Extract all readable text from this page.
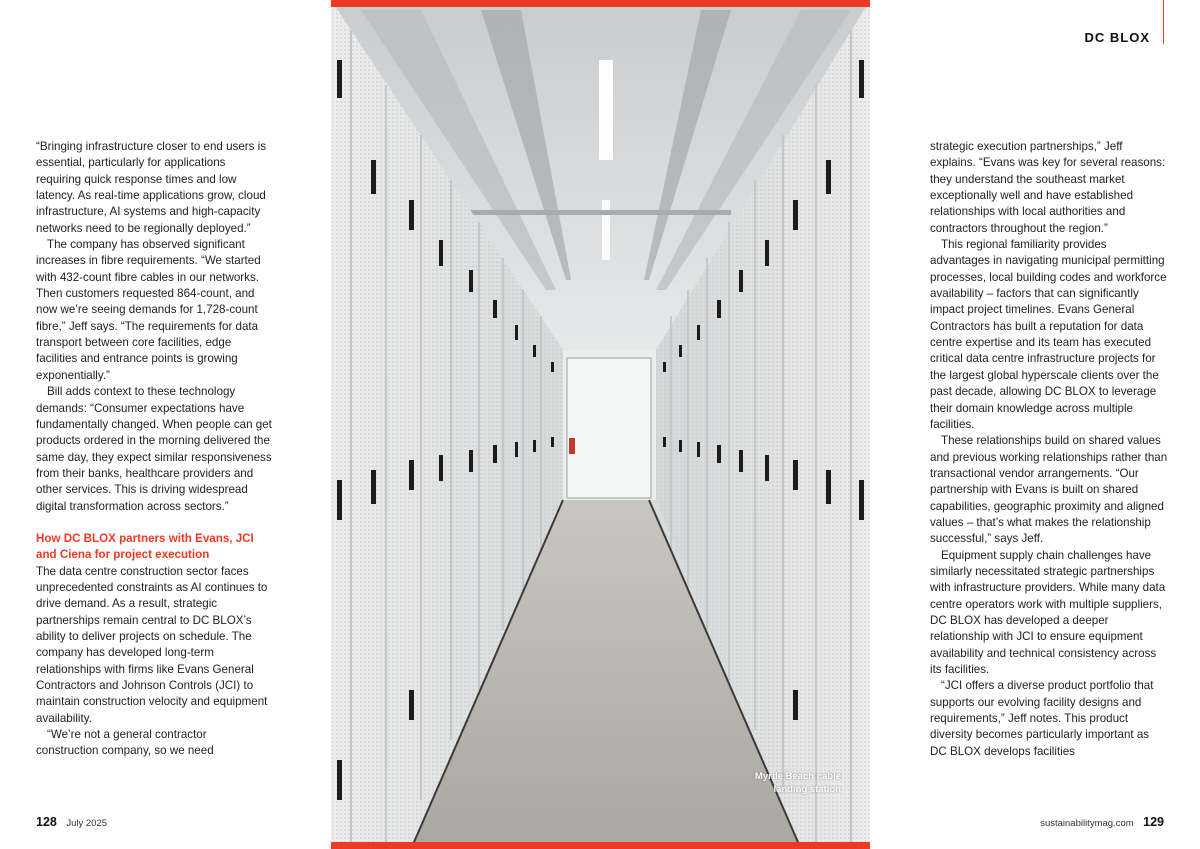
DC BLOX

“Bringing infrastructure closer to end users is essential, particularly for applications requiring quick response times and low latency. As real-time applications grow, cloud infrastructure, AI systems and high-capacity networks need to be regionally deployed.”

The company has observed significant increases in fibre requirements. “We started with 432-count fibre cables in our networks. Then customers requested 864-count, and now we’re seeing demands for 1,728-count fibre,” Jeff says. “The requirements for data transport between core facilities, edge facilities and entrance points is growing exponentially.”

Bill adds context to these technology demands: “Consumer expectations have fundamentally changed. When people can get products ordered in the morning delivered the same day, they expect similar responsiveness from their banks, healthcare providers and other services. This is driving widespread digital transformation across sectors.”

How DC BLOX partners with Evans, JCI and Ciena for project execution

The data centre construction sector faces unprecedented constraints as AI continues to drive demand. As a result, strategic partnerships remain central to DC BLOX’s ability to deliver projects on schedule. The company has developed long-term relationships with firms like Evans General Contractors and Johnson Controls (JCI) to maintain construction velocity and equipment availability.

“We’re not a general contractor construction company, so we need

Myrtle Beach cable
landing station

strategic execution partnerships,” Jeff explains. “Evans was key for several reasons: they understand the southeast market exceptionally well and have established relationships with local authorities and contractors throughout the region.”

This regional familiarity provides advantages in navigating municipal permitting processes, local building codes and workforce availability – factors that can significantly impact project timelines. Evans General Contractors has built a reputation for data centre expertise and its team has executed critical data centre infrastructure projects for the largest global hyperscale clients over the past decade, allowing DC BLOX to leverage their domain knowledge across multiple facilities.

These relationships build on shared values and previous working relationships rather than transactional vendor arrangements. “Our partnership with Evans is built on shared capabilities, geographic proximity and aligned values – that’s what makes the relationship successful,” says Jeff.

Equipment supply chain challenges have similarly necessitated strategic partnerships with infrastructure providers. While many data centre operators work with multiple suppliers, DC BLOX has developed a deeper relationship with JCI to ensure equipment availability and technical consistency across its facilities.

“JCI offers a diverse product portfolio that supports our evolving facility designs and requirements,” Jeff notes. This product diversity becomes particularly important as DC BLOX develops facilities

128 July 2025	sustainabilitymag.com 129
